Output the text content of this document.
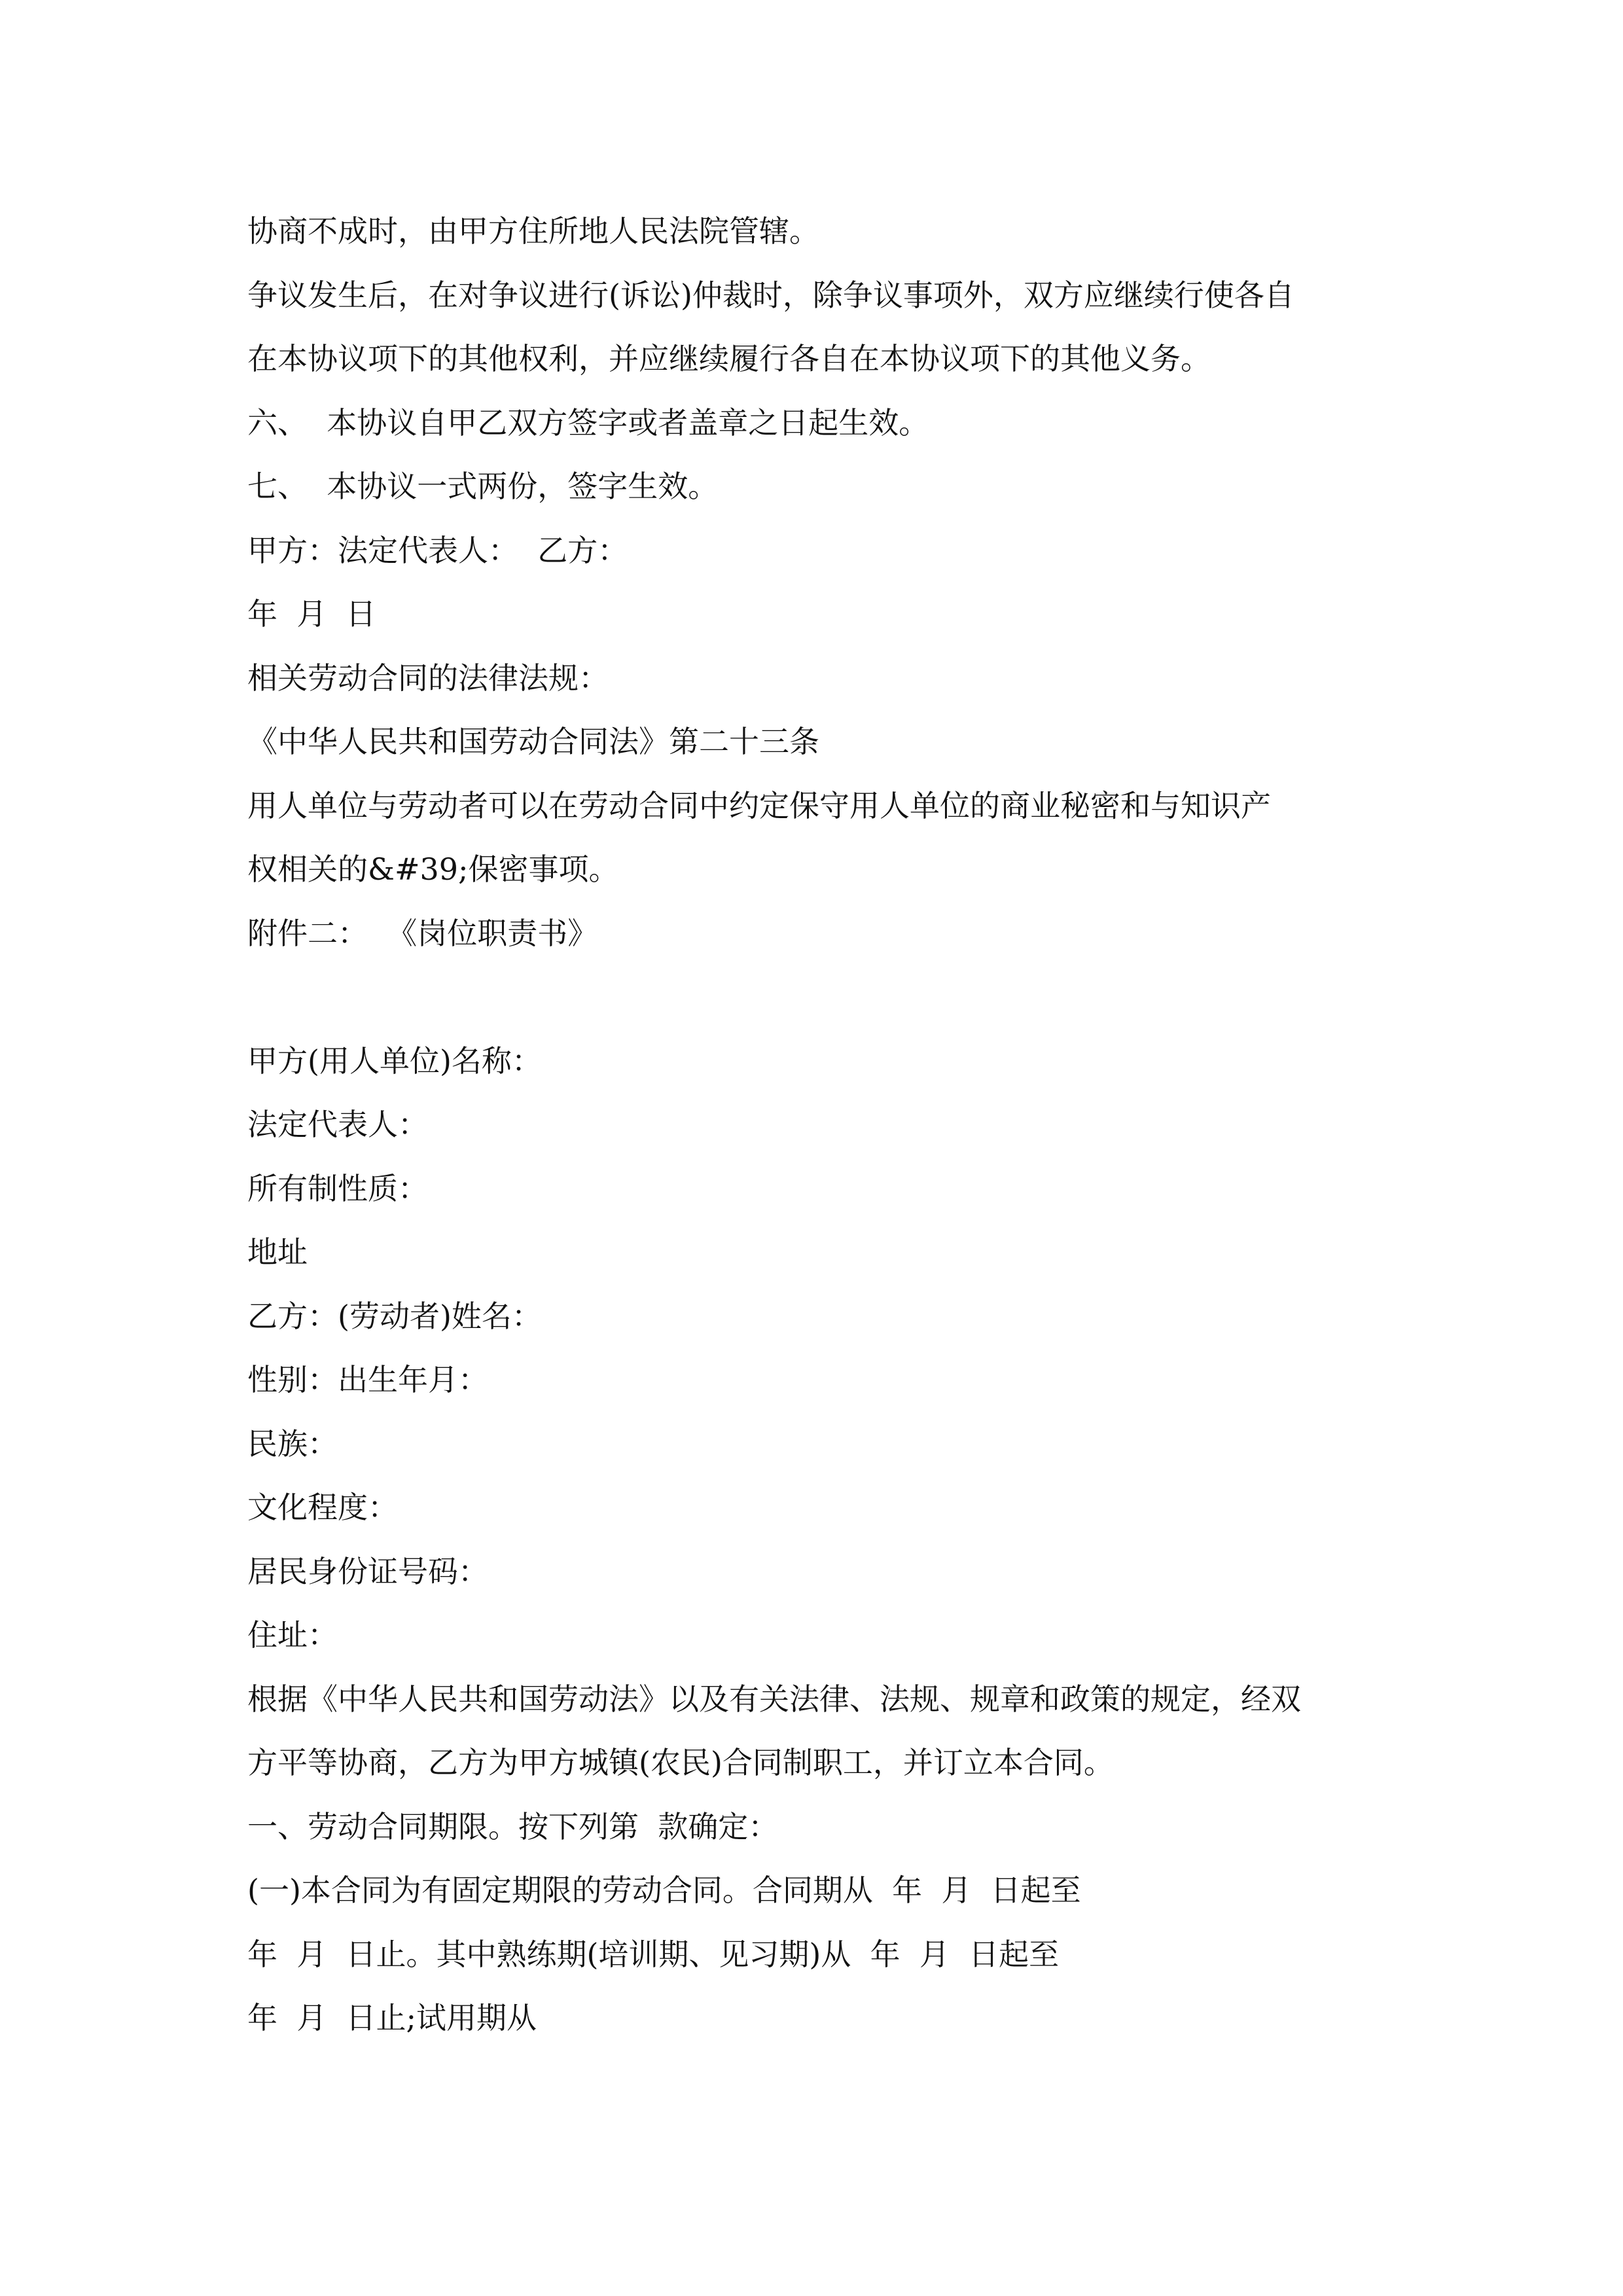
协商不成时，由甲方住所地人民法院管辖。
争议发生后，在对争议进行(诉讼)仲裁时，除争议事项外，双方应继续行使各自
在本协议项下的其他权利，并应继续履行各自在本协议项下的其他义务。
六、  本协议自甲乙双方签字或者盖章之日起生效。
七、  本协议一式两份，签字生效。
甲方：法定代表人：  乙方：
年  月  日
相关劳动合同的法律法规：
《中华人民共和国劳动合同法》第二十三条
用人单位与劳动者可以在劳动合同中约定保守用人单位的商业秘密和与知识产
权相关的&#39;保密事项。
附件二：  《岗位职责书》
甲方(用人单位)名称：
法定代表人：
所有制性质：
地址
乙方：(劳动者)姓名：
性别：出生年月：
民族：
文化程度：
居民身份证号码：
住址：
根据《中华人民共和国劳动法》以及有关法律、法规、规章和政策的规定，经双
方平等协商，乙方为甲方城镇(农民)合同制职工，并订立本合同。
一、劳动合同期限。按下列第  款确定：
(一)本合同为有固定期限的劳动合同。合同期从  年  月  日起至
年  月  日止。其中熟练期(培训期、见习期)从  年  月  日起至
年  月  日止;试用期从
